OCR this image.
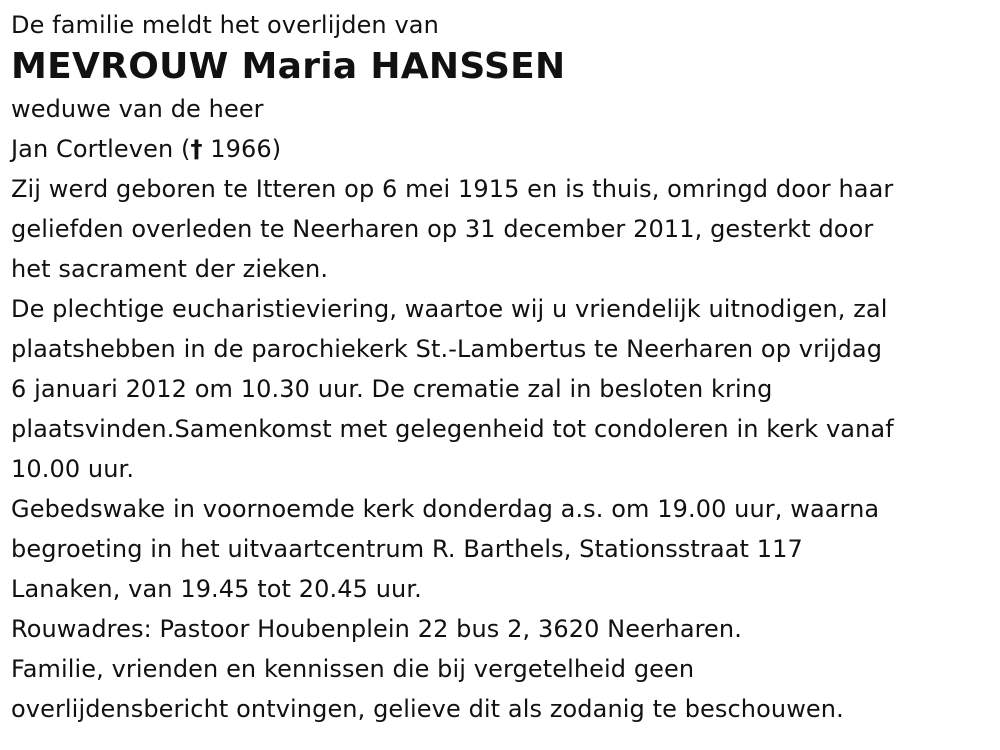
De familie meldt het overlijden van
MEVROUW Maria HANSSEN
weduwe van de heer
Jan Cortleven († 1966)
Zij werd geboren te Itteren op 6 mei 1915 en is thuis, omringd door haar
geliefden overleden te Neerharen op 31 december 2011, gesterkt door
het sacrament der zieken.
De plechtige eucharistieviering, waartoe wij u vriendelijk uitnodigen, zal
plaatshebben in de parochiekerk St.-Lambertus te Neerharen op vrijdag
6 januari 2012 om 10.30 uur. De crematie zal in besloten kring
plaatsvinden.Samenkomst met gelegenheid tot condoleren in kerk vanaf
10.00 uur.
Gebedswake in voornoemde kerk donderdag a.s. om 19.00 uur, waarna
begroeting in het uitvaartcentrum R. Barthels, Stationsstraat 117
Lanaken, van 19.45 tot 20.45 uur.
Rouwadres: Pastoor Houbenplein 22 bus 2, 3620 Neerharen.
Familie, vrienden en kennissen die bij vergetelheid geen
overlijdensbericht ontvingen, gelieve dit als zodanig te beschouwen.
